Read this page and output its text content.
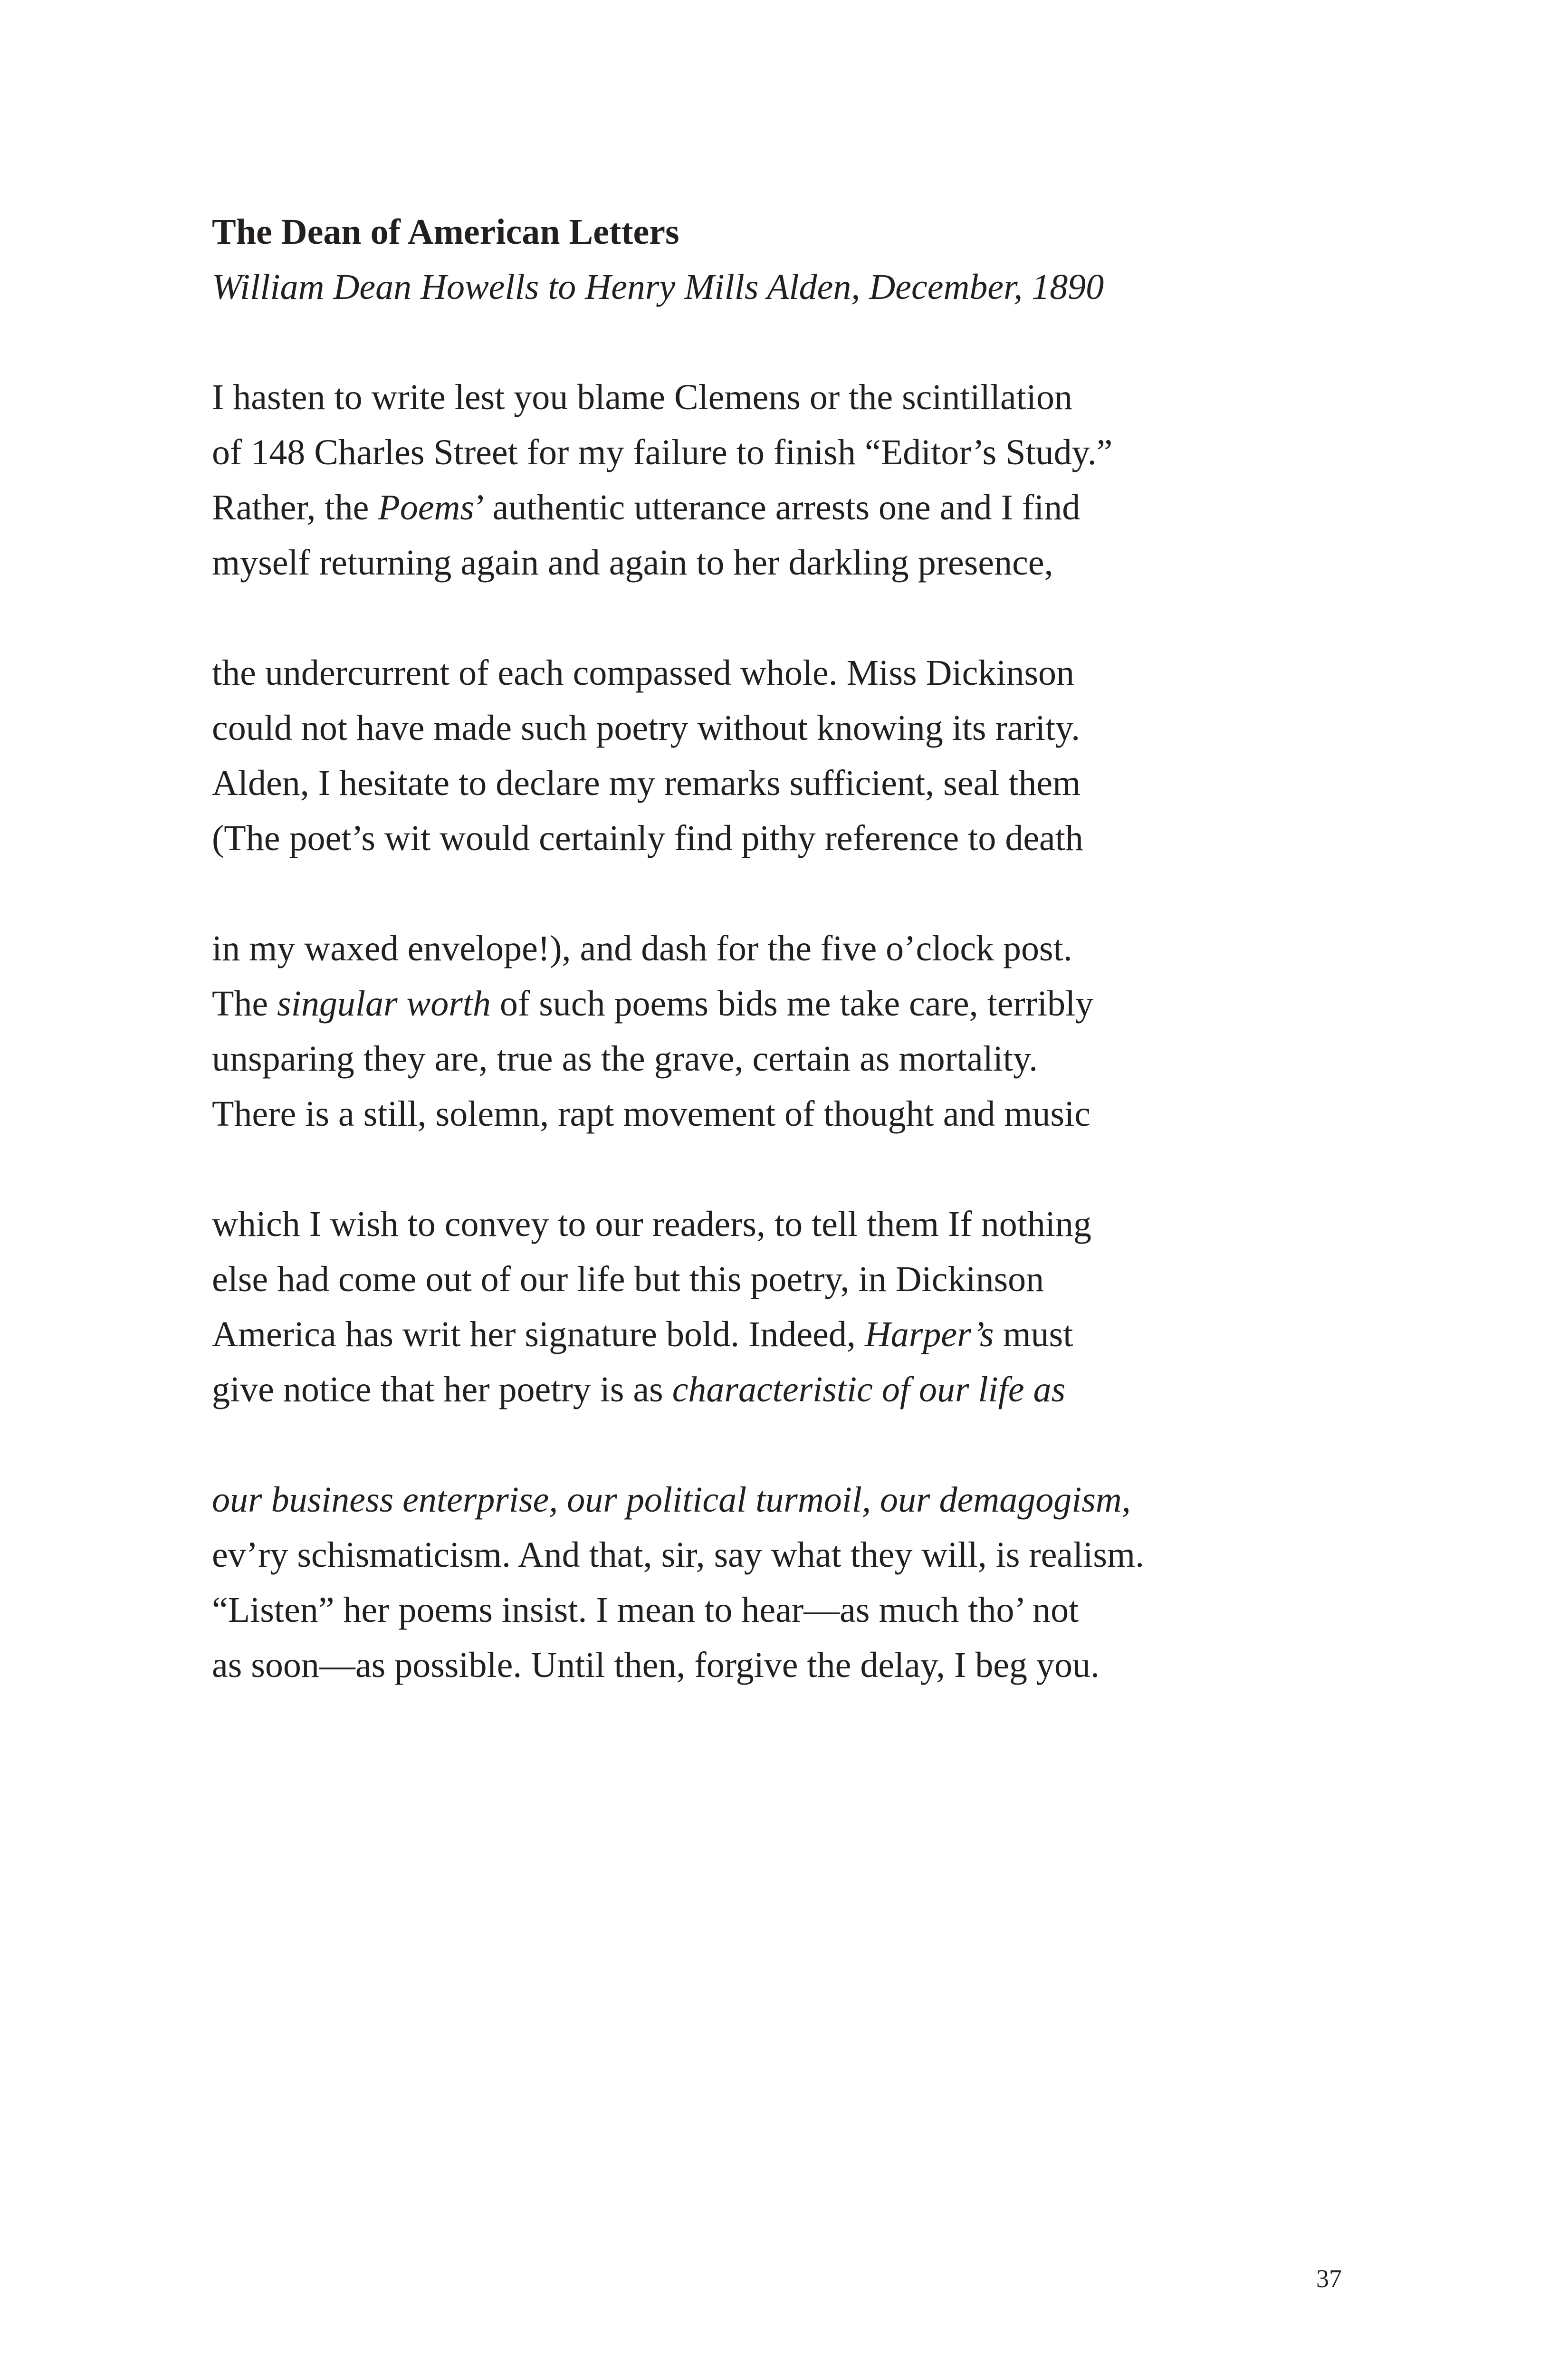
The Dean of American Letters

William Dean Howells to Henry Mills Alden, December, 1890

I hasten to write lest you blame Clemens or the scintillation
of 148 Charles Street for my failure to finish “Editor’s Study.”
Rather, the Poems’ authentic utterance arrests one and I find
myself returning again and again to her darkling presence,
the undercurrent of each compassed whole. Miss Dickinson
could not have made such poetry without knowing its rarity.
Alden, I hesitate to declare my remarks sufficient, seal them
(The poet’s wit would certainly find pithy reference to death
in my waxed envelope!), and dash for the five o’clock post.
The singular worth of such poems bids me take care, terribly
unsparing they are, true as the grave, certain as mortality.
There is a still, solemn, rapt movement of thought and music
which I wish to convey to our readers, to tell them If nothing
else had come out of our life but this poetry, in Dickinson
America has writ her signature bold. Indeed, Harper’s must
give notice that her poetry is as characteristic of our life as
our business enterprise, our political turmoil, our demagogism,
ev’ry schismaticism. And that, sir, say what they will, is realism.
“Listen” her poems insist. I mean to hear—as much tho’ not
as soon—as possible. Until then, forgive the delay, I beg you.
37
